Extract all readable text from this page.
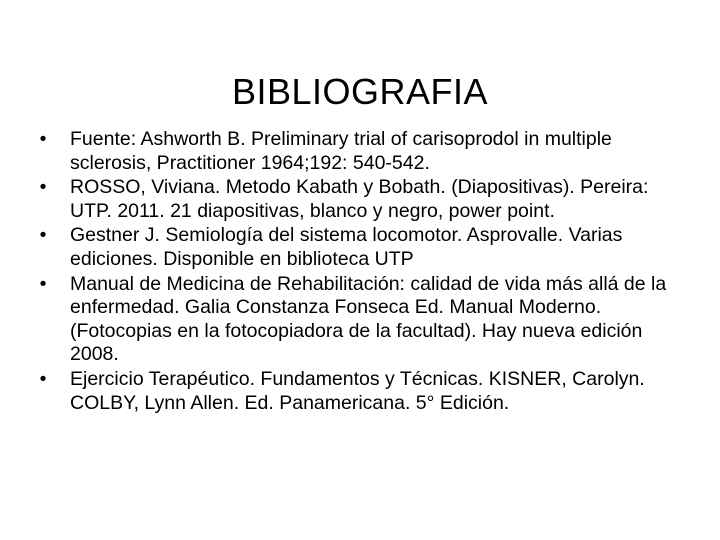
BIBLIOGRAFIA
• Fuente: Ashworth B. Preliminary trial of carisoprodol in multiple sclerosis, Practitioner 1964;192: 540-542.
• ROSSO, Viviana. Metodo Kabath y Bobath. (Diapositivas). Pereira: UTP. 2011. 21 diapositivas, blanco y negro, power point.
• Gestner J. Semiología del sistema locomotor. Asprovalle. Varias ediciones. Disponible en biblioteca UTP
• Manual de Medicina de Rehabilitación: calidad de vida más allá de la enfermedad. Galia Constanza Fonseca Ed. Manual Moderno. (Fotocopias en la fotocopiadora de la facultad). Hay nueva edición 2008.
• Ejercicio Terapéutico. Fundamentos y Técnicas. KISNER, Carolyn. COLBY, Lynn Allen. Ed. Panamericana. 5° Edición.
